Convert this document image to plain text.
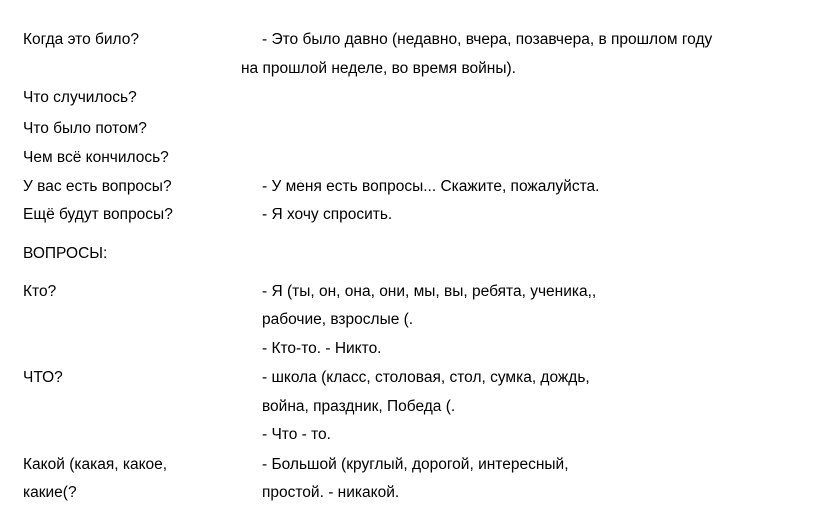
Когда это било?	- Это было давно (недавно, вчера, позавчера, в прошлом году
на прошлой неделе, во время войны).
Что случилось?
Что было потом?
Чем всё кончилось?
У вас есть вопросы?	- У меня есть вопросы... Скажите, пожалуйста.
Ещё будут вопросы?	- Я хочу спросить.
ВОПРОСЫ:
Кто?	- Я (ты, он, она, они, мы, вы, ребята, ученика,,
рабочие, взрослые (.
- Кто-то. - Никто.
ЧТО?	- школа (класс, столовая, стол, сумка, дождь,
война, праздник, Победа (.
- Что - то.
Какой (какая, какое,	- Большой (круглый, дорогой, интересный,
какие(?	простой. - никакой.
